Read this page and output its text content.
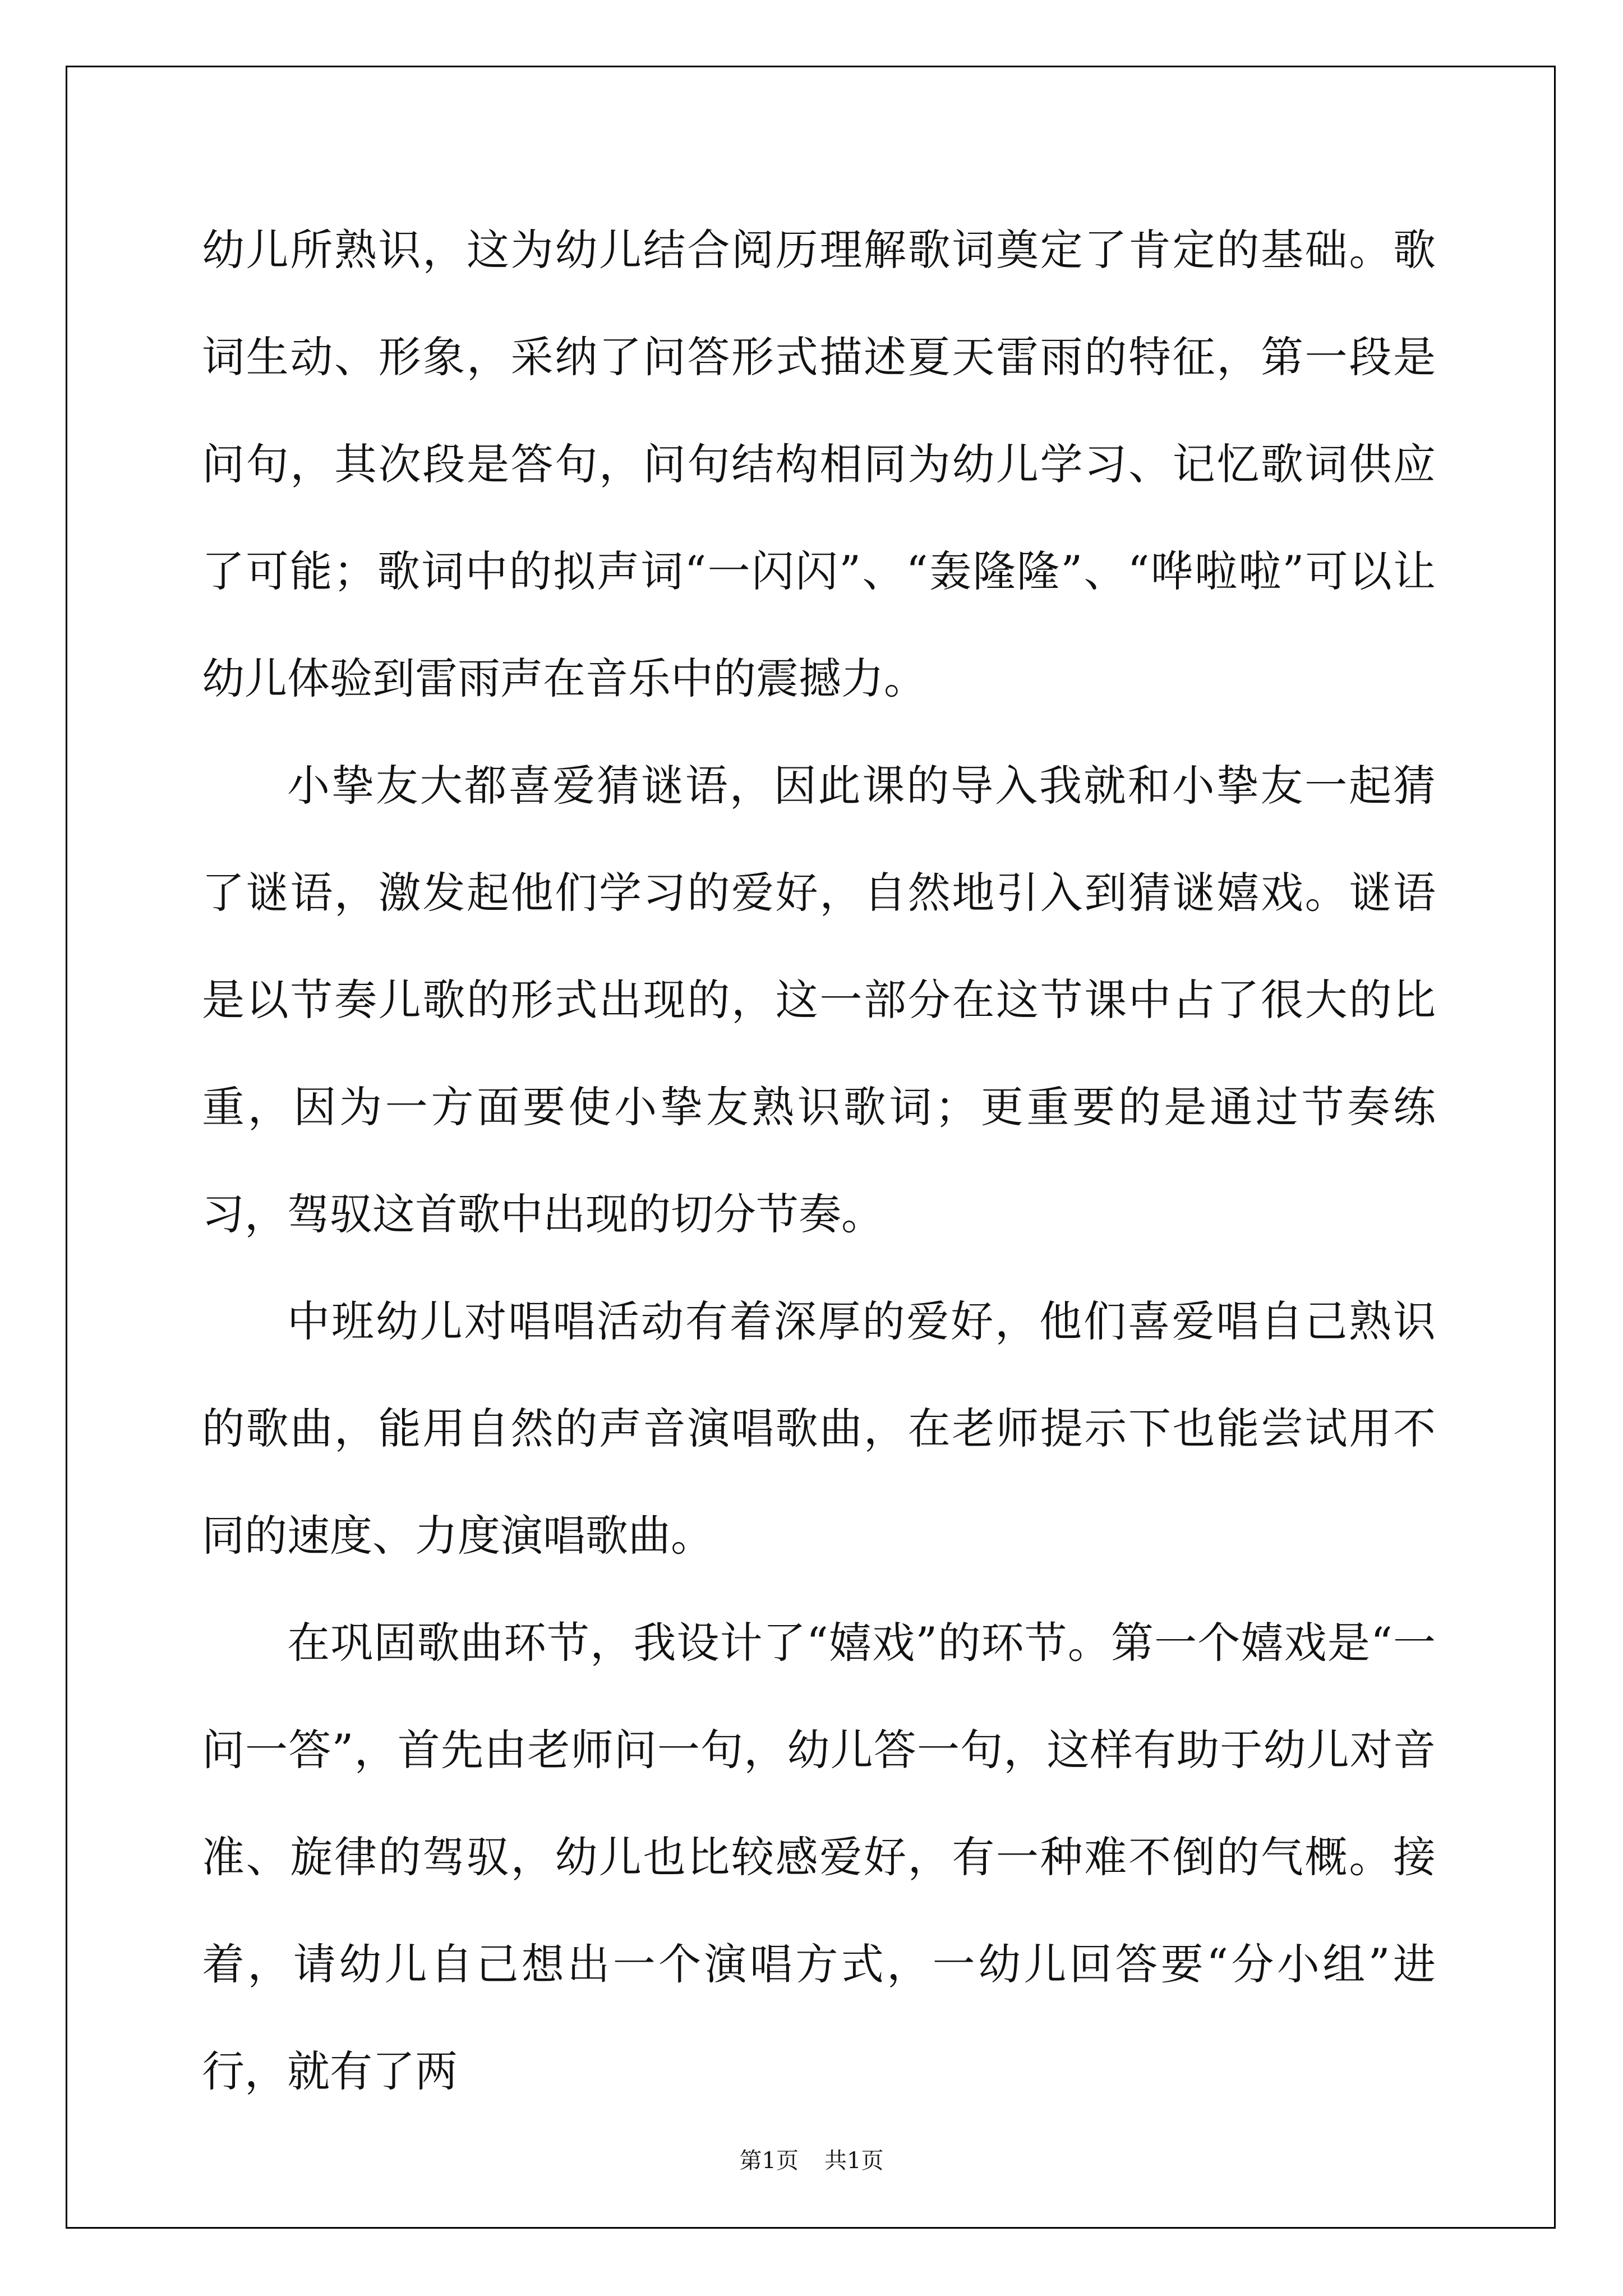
幼儿所熟识，这为幼儿结合阅历理解歌词奠定了肯定的基础。歌词生动、形象，采纳了问答形式描述夏天雷雨的特征，第一段是问句，其次段是答句，问句结构相同为幼儿学习、记忆歌词供应了可能；歌词中的拟声词“一闪闪”、“轰隆隆”、“哗啦啦”可以让幼儿体验到雷雨声在音乐中的震撼力。

小挚友大都喜爱猜谜语，因此课的导入我就和小挚友一起猜了谜语，激发起他们学习的爱好，自然地引入到猜谜嬉戏。谜语是以节奏儿歌的形式出现的，这一部分在这节课中占了很大的比重，因为一方面要使小挚友熟识歌词；更重要的是通过节奏练习，驾驭这首歌中出现的切分节奏。

中班幼儿对唱唱活动有着深厚的爱好，他们喜爱唱自己熟识的歌曲，能用自然的声音演唱歌曲，在老师提示下也能尝试用不同的速度、力度演唱歌曲。

在巩固歌曲环节，我设计了“嬉戏”的环节。第一个嬉戏是“一问一答”，首先由老师问一句，幼儿答一句，这样有助于幼儿对音准、旋律的驾驭，幼儿也比较感爱好，有一种难不倒的气概。接着，请幼儿自己想出一个演唱方式，一幼儿回答要“分小组”进行，就有了两

第1页 共1页
